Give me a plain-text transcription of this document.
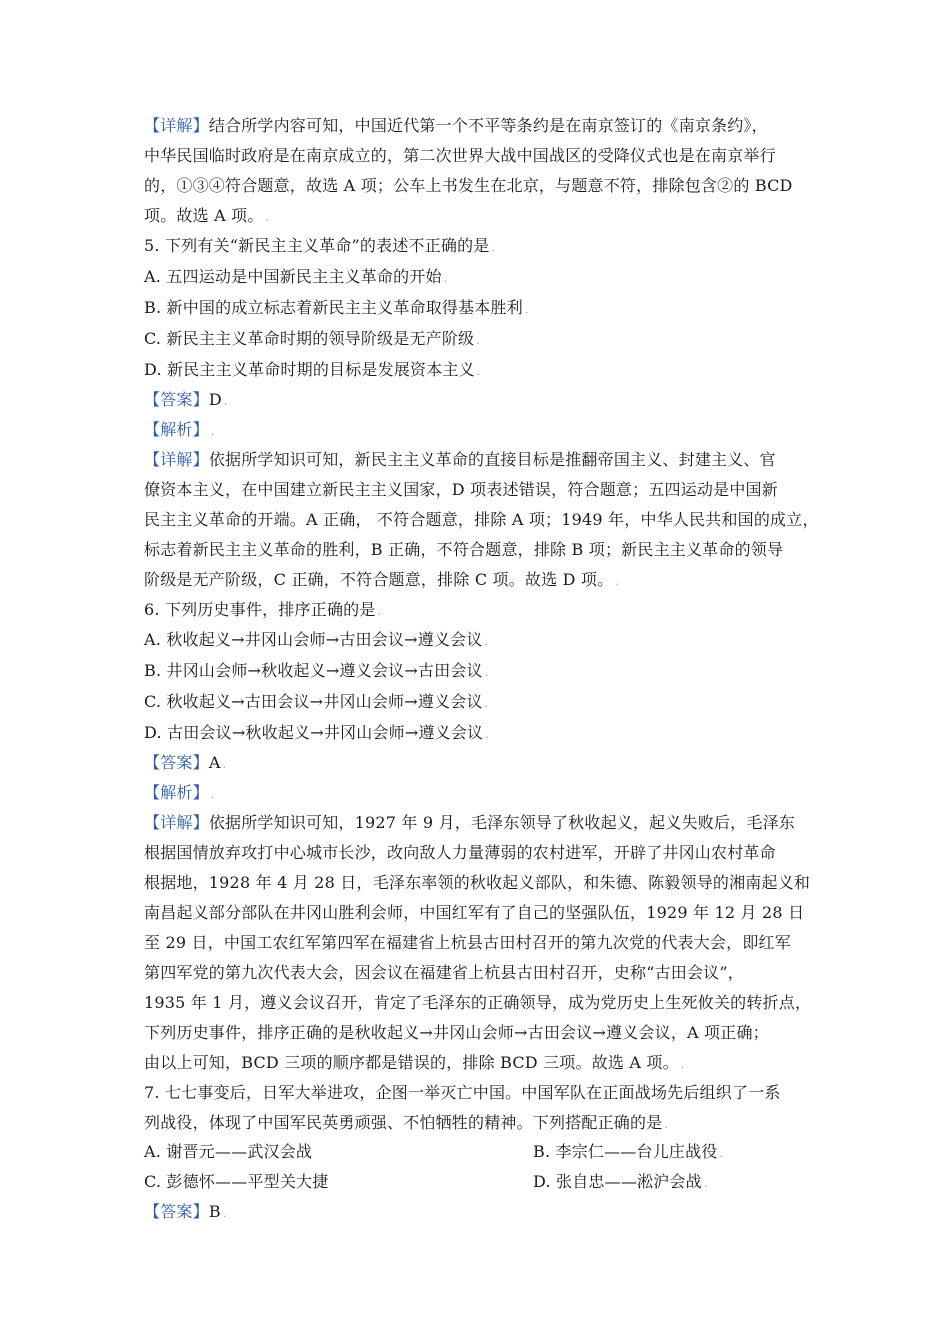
【详解】结合所学内容可知，中国近代第一个不平等条约是在南京签订的《南京条约》，
中华民国临时政府是在南京成立的，第二次世界大战中国战区的受降仪式也是在南京举行
的，①③④符合题意，故选 A 项；公车上书发生在北京，与题意不符，排除包含②的 BCD
项。故选 A 项。 .
5. 下列有关“新民主主义革命”的表述不正确的是 .
A. 五四运动是中国新民主主义革命的开始 .
B. 新中国的成立标志着新民主主义革命取得基本胜利 .
C. 新民主主义革命时期的领导阶级是无产阶级 .
D. 新民主主义革命时期的目标是发展资本主义 .
【答案】D .
【解析】 .
【详解】依据所学知识可知，新民主主义革命的直接目标是推翻帝国主义、封建主义、官
僚资本主义，在中国建立新民主主义国家，D 项表述错误，符合题意；五四运动是中国新
民主主义革命的开端。A 正确， 不符合题意，排除 A 项；1949 年，中华人民共和国的成立，
标志着新民主主义革命的胜利，B 正确，不符合题意，排除 B 项；新民主主义革命的领导
阶级是无产阶级，C 正确，不符合题意，排除 C 项。故选 D 项。 .
6. 下列历史事件，排序正确的是 .
A. 秋收起义→井冈山会师→古田会议→遵义会议 .
B. 井冈山会师→秋收起义→遵义会议→古田会议 .
C. 秋收起义→古田会议→井冈山会师→遵义会议 .
D. 古田会议→秋收起义→井冈山会师→遵义会议 .
【答案】A .
【解析】 .
【详解】依据所学知识可知，1927 年 9 月，毛泽东领导了秋收起义，起义失败后，毛泽东
根据国情放弃攻打中心城市长沙，改向敌人力量薄弱的农村进军，开辟了井冈山农村革命
根据地，1928 年 4 月 28 日，毛泽东率领的秋收起义部队，和朱德、陈毅领导的湘南起义和
南昌起义部分部队在井冈山胜利会师，中国红军有了自己的坚强队伍，1929 年 12 月 28 日
至 29 日，中国工农红军第四军在福建省上杭县古田村召开的第九次党的代表大会，即红军
第四军党的第九次代表大会，因会议在福建省上杭县古田村召开，史称“古田会议”，
1935 年 1 月，遵义会议召开，肯定了毛泽东的正确领导，成为党历史上生死攸关的转折点，
下列历史事件，排序正确的是秋收起义→井冈山会师→古田会议→遵义会议，A 项正确；
由以上可知，BCD 三项的顺序都是错误的，排除 BCD 三项。故选 A 项。 .
7. 七七事变后，日军大举进攻，企图一举灭亡中国。中国军队在正面战场先后组织了一系
列战役，体现了中国军民英勇顽强、不怕牺牲的精神。下列搭配正确的是 .
A. 谢晋元——武汉会战	B. 李宗仁——台儿庄战役 .
C. 彭德怀——平型关大捷	D. 张自忠——淞沪会战 .
【答案】B .
